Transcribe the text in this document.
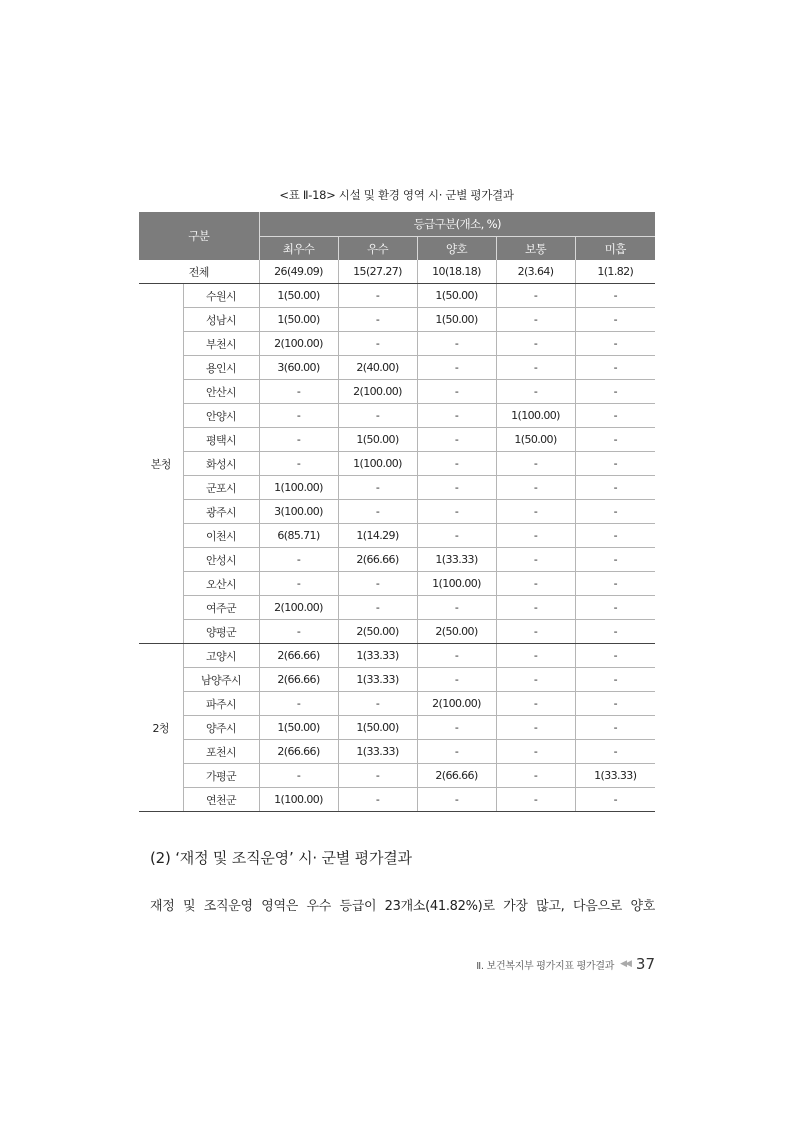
<표 Ⅱ-18> 시설 및 환경 영역 시· 군별 평가결과
구분		등급구분(개소, %)				
		최우수	우수	양호	보통	미흡
전체		26(49.09)	15(27.27)	10(18.18)	2(3.64)	1(1.82)
본청	수원시	1(50.00)	-	1(50.00)	-	-
	성남시	1(50.00)	-	1(50.00)	-	-
	부천시	2(100.00)	-	-	-	-
	용인시	3(60.00)	2(40.00)	-	-	-
	안산시	-	2(100.00)	-	-	-
	안양시	-	-	-	1(100.00)	-
	평택시	-	1(50.00)	-	1(50.00)	-
	화성시	-	1(100.00)	-	-	-
	군포시	1(100.00)	-	-	-	-
	광주시	3(100.00)	-	-	-	-
	이천시	6(85.71)	1(14.29)	-	-	-
	안성시	-	2(66.66)	1(33.33)	-	-
	오산시	-	-	1(100.00)	-	-
	여주군	2(100.00)	-	-	-	-
	양평군	-	2(50.00)	2(50.00)	-	-
2청	고양시	2(66.66)	1(33.33)	-	-	-
	남양주시	2(66.66)	1(33.33)	-	-	-
	파주시	-	-	2(100.00)	-	-
	양주시	1(50.00)	1(50.00)	-	-	-
	포천시	2(66.66)	1(33.33)	-	-	-
	가평군	-	-	2(66.66)	-	1(33.33)
	연천군	1(100.00)	-	-	-	-
(2) ‘재정 및 조직운영’ 시· 군별 평가결과
재정 및 조직운영 영역은 우수 등급이 23개소(41.82%)로 가장 많고, 다음으로 양호
Ⅱ. 보건복지부 평가지표 평가결과 ◀◀ 37
